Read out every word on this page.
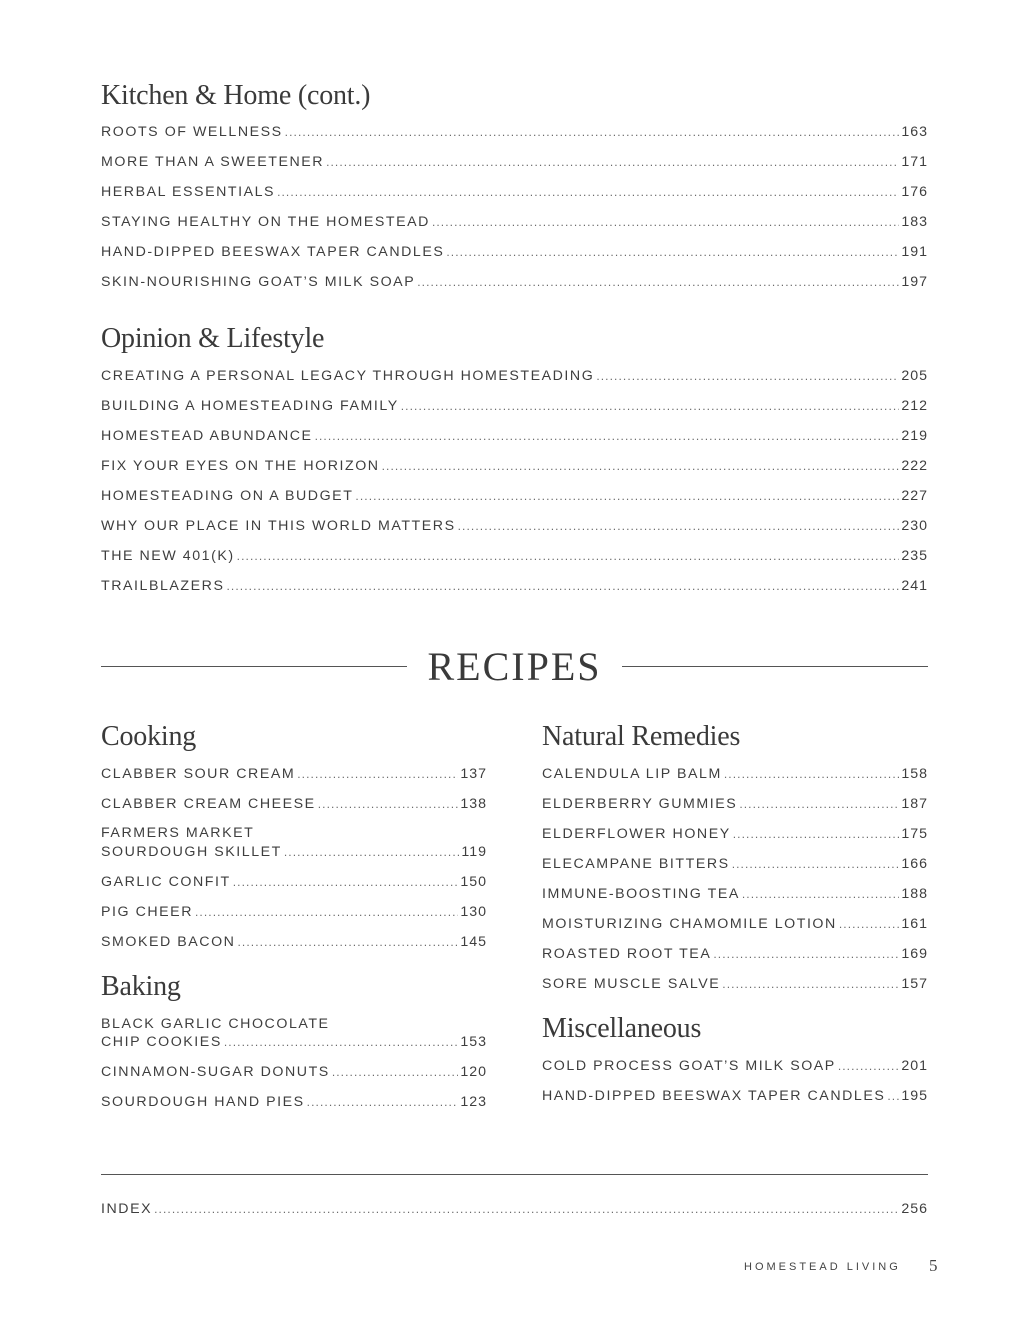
Kitchen & Home (cont.)
ROOTS OF WELLNESS .....	163
MORE THAN A SWEETENER .....	171
HERBAL ESSENTIALS .....	176
STAYING HEALTHY ON THE HOMESTEAD .....	183
HAND-DIPPED BEESWAX TAPER CANDLES .....	191
SKIN-NOURISHING GOAT’S MILK SOAP .....	197
Opinion & Lifestyle
CREATING A PERSONAL LEGACY THROUGH HOMESTEADING .....	205
BUILDING A HOMESTEADING FAMILY .....	212
HOMESTEAD ABUNDANCE .....	219
FIX YOUR EYES ON THE HORIZON .....	222
HOMESTEADING ON A BUDGET .....	227
WHY OUR PLACE IN THIS WORLD MATTERS .....	230
THE NEW 401(K) .....	235
TRAILBLAZERS .....	241
RECIPES
Cooking
CLABBER SOUR CREAM .....	137
CLABBER CREAM CHEESE .....	138
FARMERS MARKET
SOURDOUGH SKILLET .....	119
GARLIC CONFIT .....	150
PIG CHEER .....	130
SMOKED BACON .....	145
Baking
BLACK GARLIC CHOCOLATE
CHIP COOKIES .....	153
CINNAMON-SUGAR DONUTS .....	120
SOURDOUGH HAND PIES .....	123
Natural Remedies
CALENDULA LIP BALM .....	158
ELDERBERRY GUMMIES .....	187
ELDERFLOWER HONEY .....	175
ELECAMPANE BITTERS .....	166
IMMUNE-BOOSTING TEA .....	188
MOISTURIZING CHAMOMILE LOTION .....	161
ROASTED ROOT TEA .....	169
SORE MUSCLE SALVE .....	157
Miscellaneous
COLD PROCESS GOAT’S MILK SOAP .....	201
HAND-DIPPED BEESWAX TAPER CANDLES ..... 195
INDEX .....	256
HOMESTEAD LIVING 5
